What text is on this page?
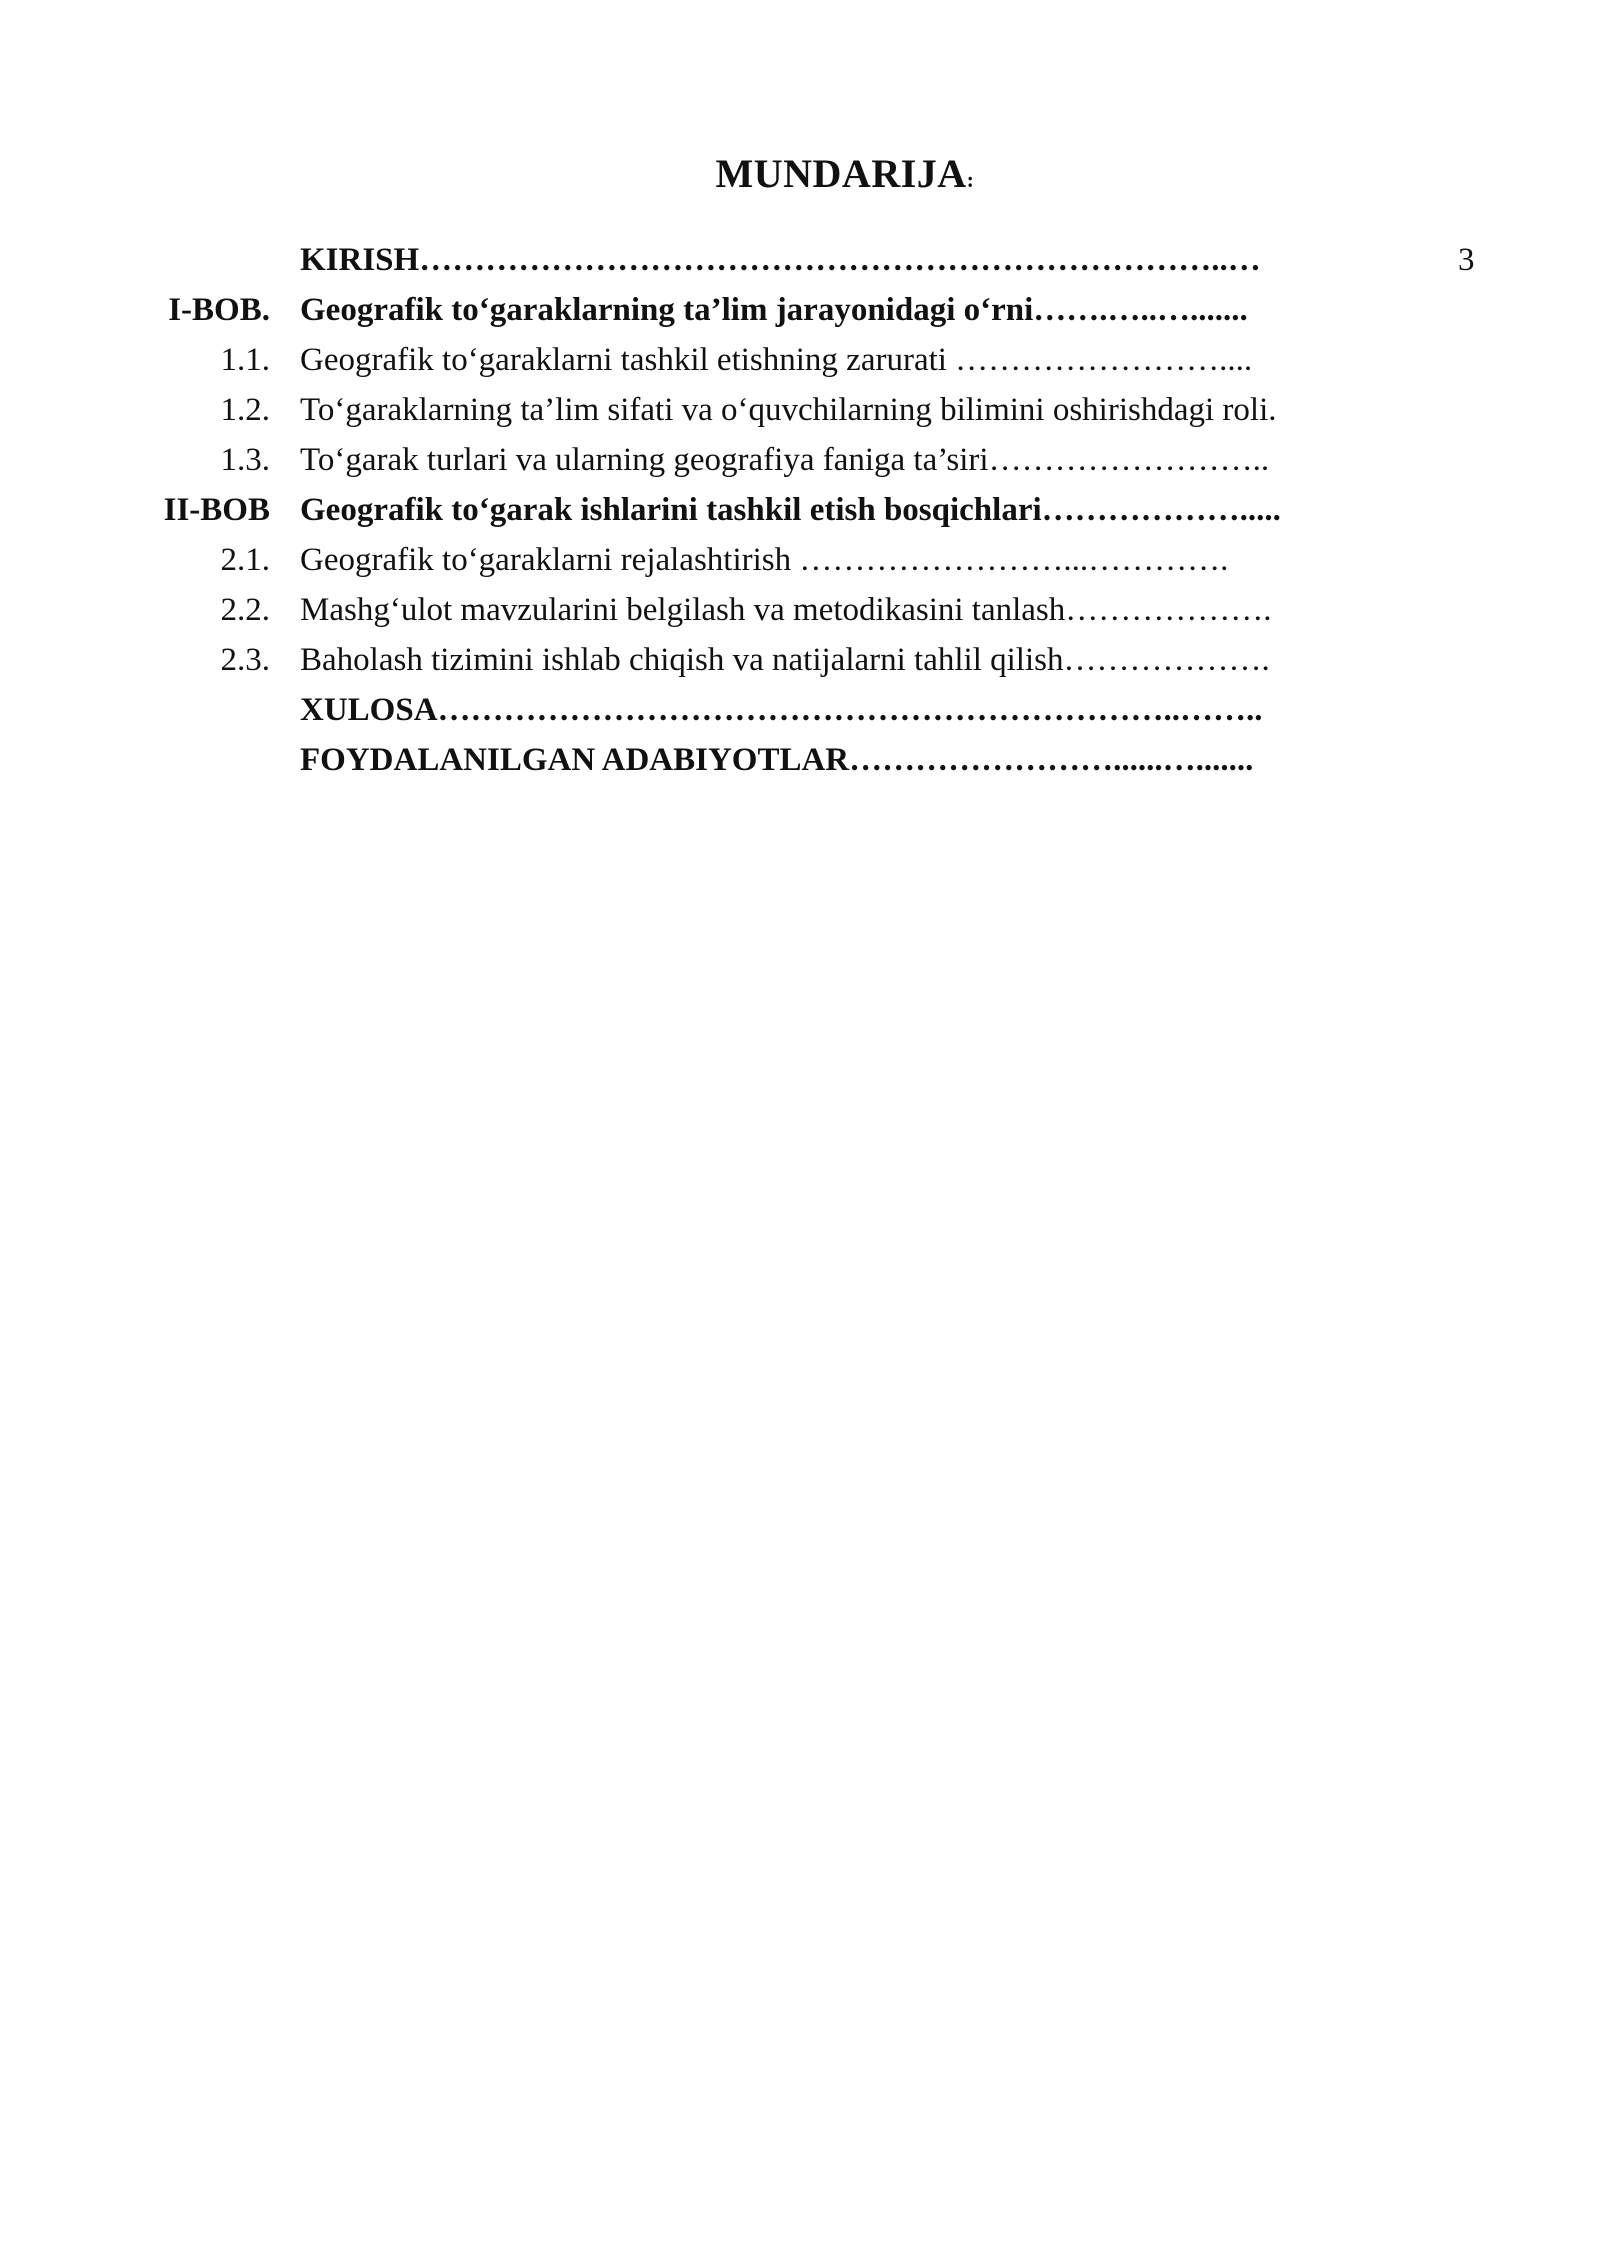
MUNDARIJA:
KIRISH………………………………………………………………..…	3
I-BOB. Geografik to‘garaklarning ta’lim jarayonidagi o‘rni…….…..….......
1.1. Geografik to‘garaklarni tashkil etishning zarurati ……………………....
1.2. To‘garaklarning ta’lim sifati va o‘quvchilarning bilimini oshirishdagi roli.
1.3. To‘garak turlari va ularning geografiya faniga ta’siri……………………..
II-BOB Geografik to‘garak ishlarini tashkil etish bosqichlari……………….....
2.1. Geografik to‘garaklarni rejalashtirish ……………………...………….
2.2. Mashg‘ulot mavzularini belgilash va metodikasini tanlash……………….
2.3. Baholash tizimini ishlab chiqish va natijalarni tahlil qilish……………….
XULOSA…………………………………………………………..……..
FOYDALANILGAN ADABIYOTLAR……………………......….......
